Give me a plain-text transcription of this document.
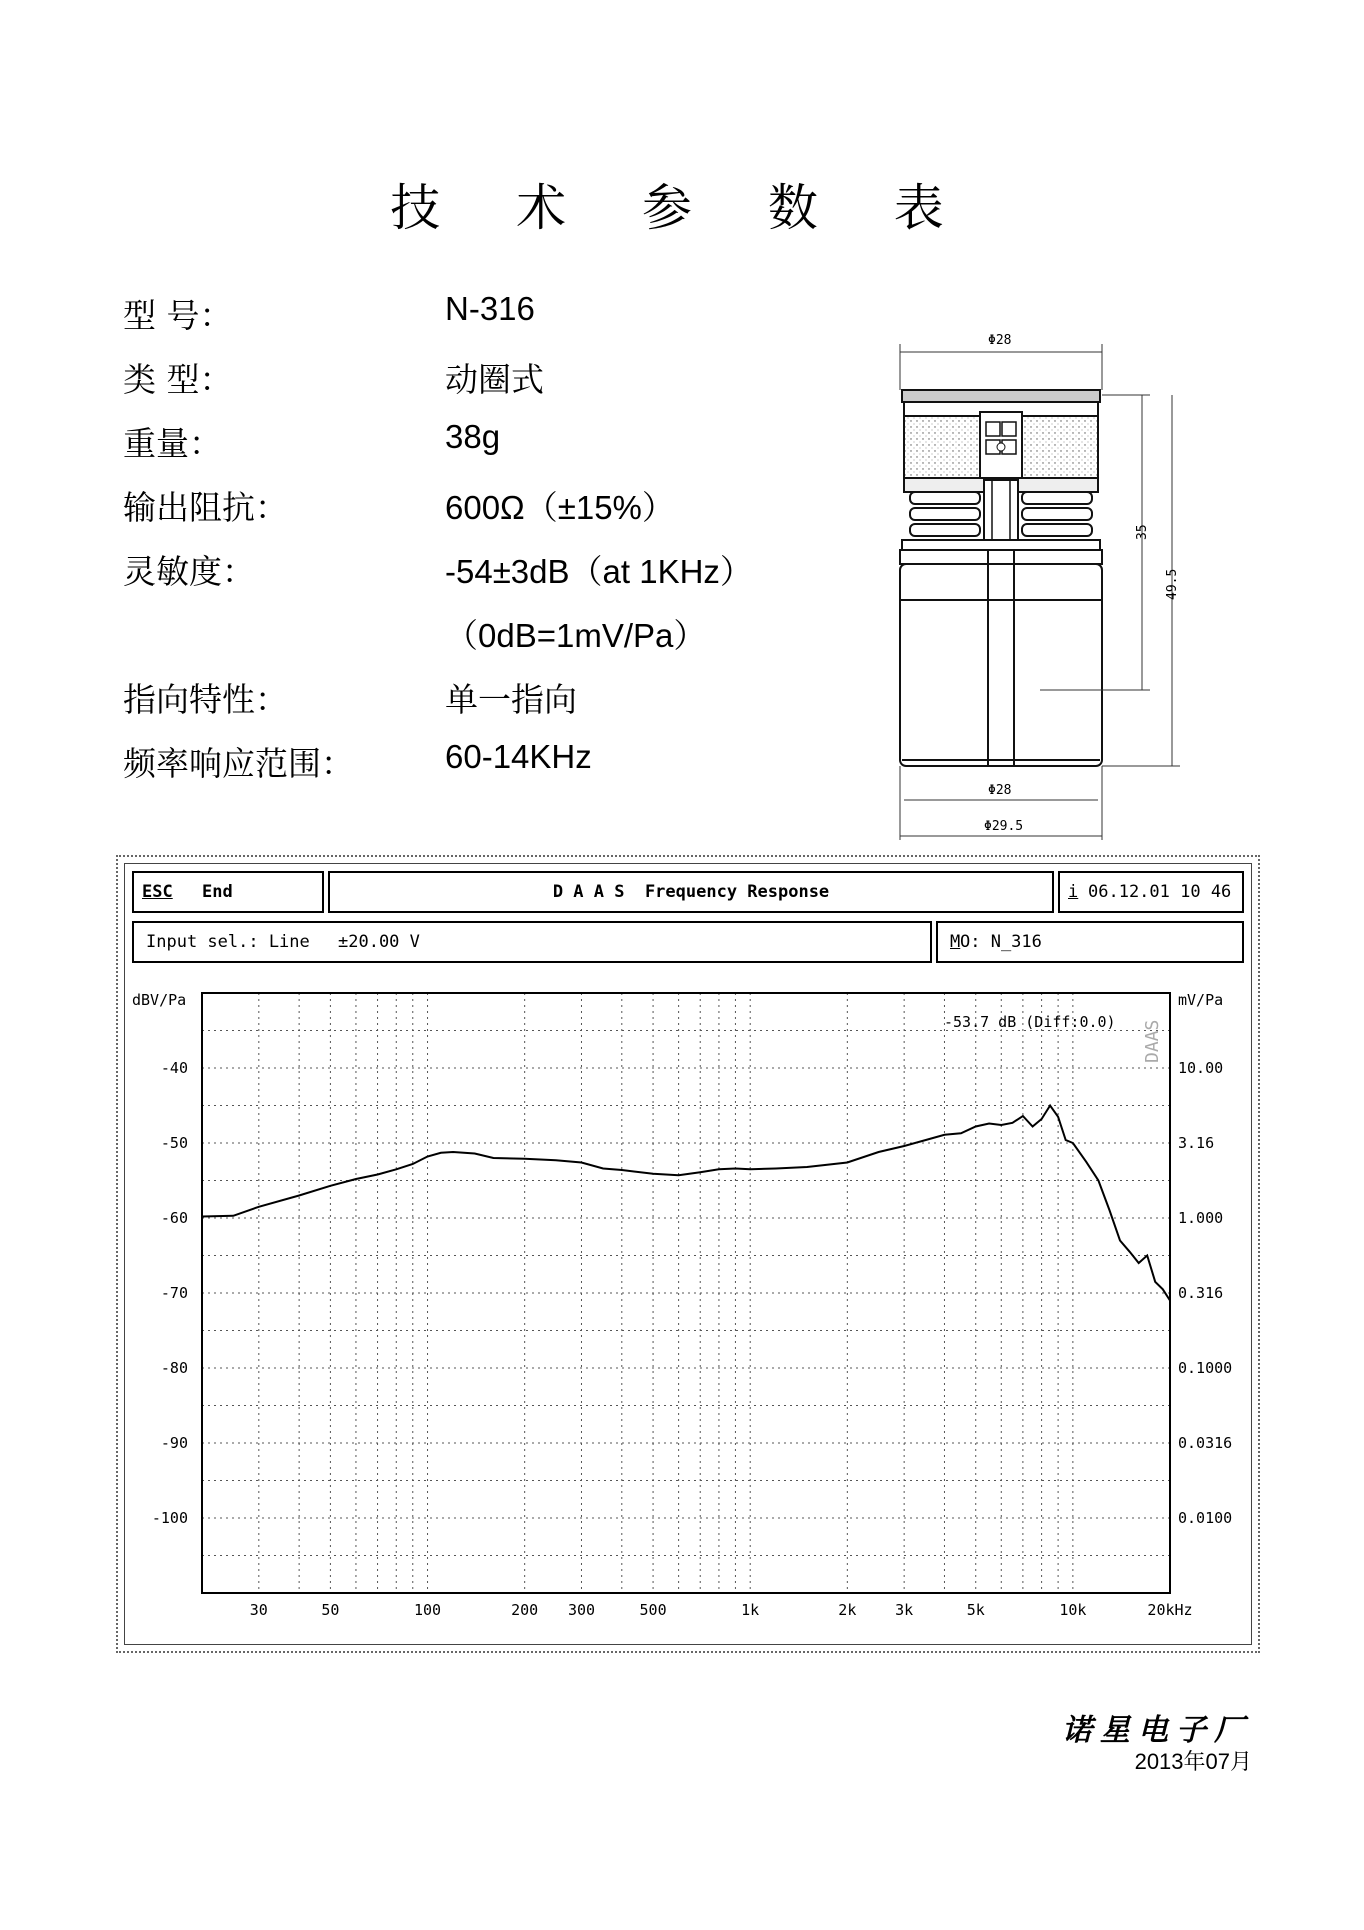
技 术 参 数 表
型 号：	N-316
类 型：	动圈式
重量：	38g
输出阻抗：	600Ω（±15%）
灵敏度：	-54±3dB（at 1KHz）
（0dB=1mV/Pa）
指向特性：	单一指向
频率响应范围：	60-14KHz
Φ28
35
49.5
Φ28
Φ29.5
ESC End	D A A S  Frequency Response	i 06.12.01 10 46
Input sel.: Line ±20.00 V	M O: N_316
dBV/Pa	mV/Pa
-53.7 dB (Diff:0.0) DAAS
-40
-50
-60
-70
-80
-90
-100
10.00
3.16
1.000
0.316
0.1000
0.0316
0.0100
30	50	100	200 300	500	1k	2k	3k	5k	10k	20kHz
诺星电子厂
2013年07月
